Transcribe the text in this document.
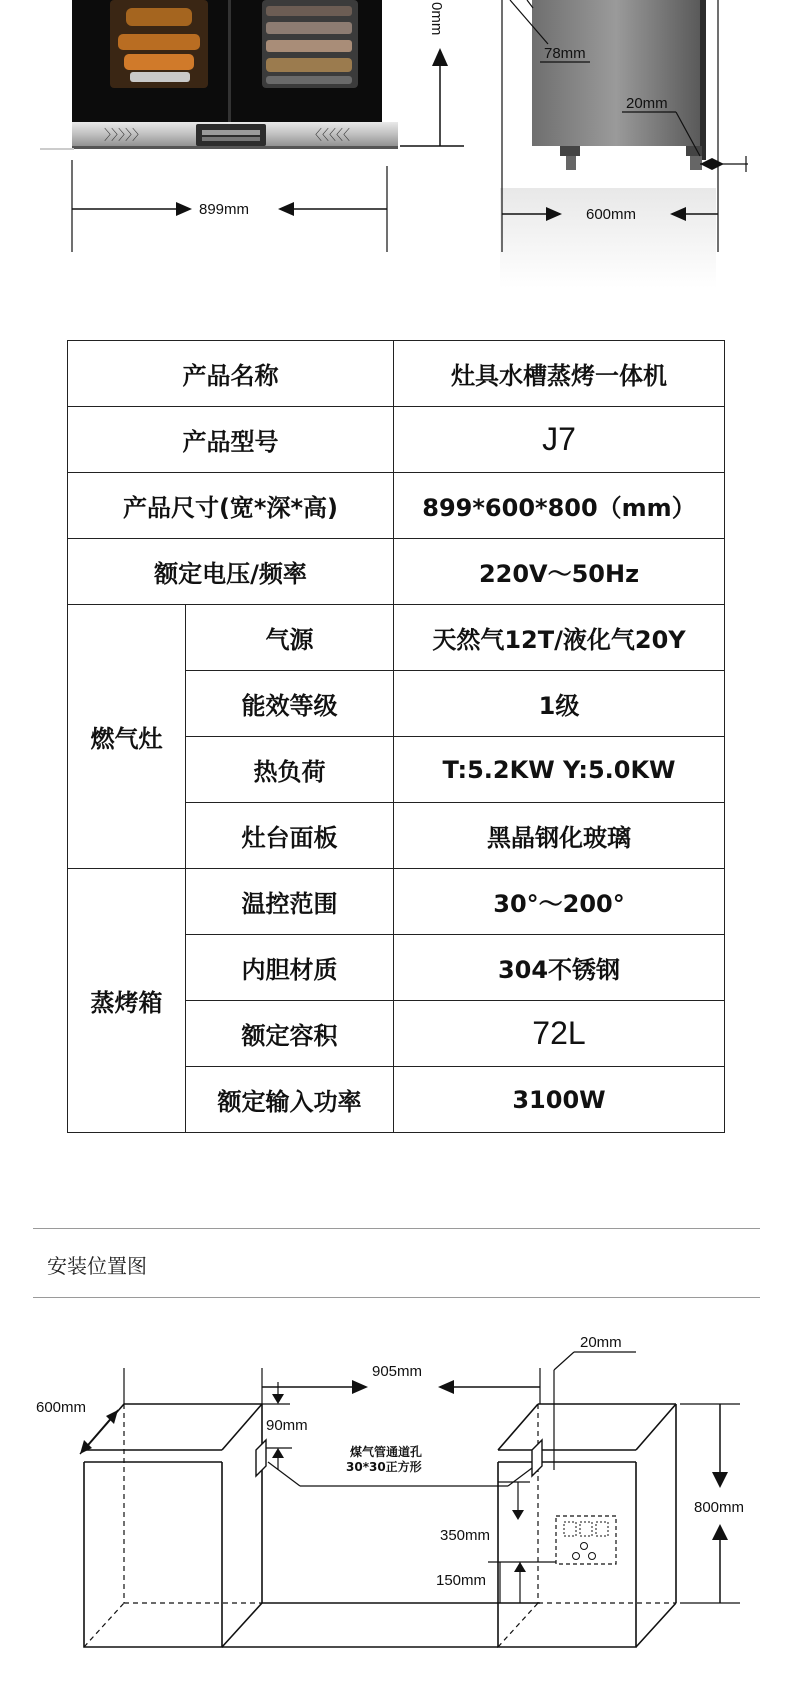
〉〉〉〉〉	〈〈〈〈〈
0mm
899mm
78mm
20mm
600mm
产品名称		灶具水槽蒸烤一体机
产品型号		J7
产品尺寸(宽*深*高)		899*600*800（mm）
额定电压/频率		220V～50Hz
燃气灶	气源	天然气12T/液化气20Y
	能效等级	1级
	热负荷	T:5.2KW Y:5.0KW
	灶台面板	黑晶钢化玻璃
蒸烤箱	温控范围	30°～200°
	内胆材质	304不锈钢
	额定容积	72L
	额定输入功率	3100W
安装位置图
20mm
905mm
600mm
90mm
煤气管通道孔
30*30正方形
800mm
350mm
150mm
